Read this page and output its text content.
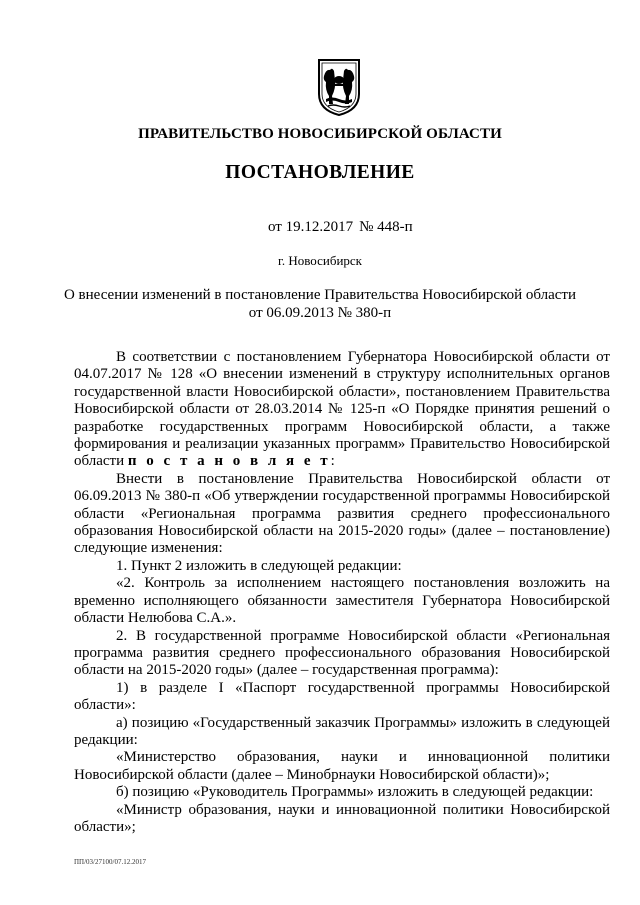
ПРАВИТЕЛЬСТВО НОВОСИБИРСКОЙ ОБЛАСТИ
ПОСТАНОВЛЕНИЕ
от 19.12.2017 № 448-п
г. Новосибирск
О внесении изменений в постановление Правительства Новосибирской области
от 06.09.2013 № 380-п

В соответствии с постановлением Губернатора Новосибирской области от 04.07.2017 № 128 «О внесении изменений в структуру исполнительных органов государственной власти Новосибирской области», постановлением Правительства Новосибирской области от 28.03.2014 № 125-п «О Порядке принятия решений о разработке государственных программ Новосибирской области, а также формирования и реализации указанных программ» Правительство Новосибирской области п о с т а н о в л я е т:

Внести в постановление Правительства Новосибирской области от 06.09.2013 № 380-п «Об утверждении государственной программы Новосибирской области «Региональная программа развития среднего профессионального образования Новосибирской области на 2015-2020 годы» (далее – постановление) следующие изменения:

1. Пункт 2 изложить в следующей редакции:

«2. Контроль за исполнением настоящего постановления возложить на временно исполняющего обязанности заместителя Губернатора Новосибирской области Нелюбова С.А.».

2. В государственной программе Новосибирской области «Региональная программа развития среднего профессионального образования Новосибирской области на 2015-2020 годы» (далее – государственная программа):

1) в разделе I «Паспорт государственной программы Новосибирской области»:

а) позицию «Государственный заказчик Программы» изложить в следующей редакции:

«Министерство образования, науки и инновационной политики Новосибирской области (далее – Минобрнауки Новосибирской области)»;

б) позицию «Руководитель Программы» изложить в следующей редакции:

«Министр образования, науки и инновационной политики Новосибирской области»;

ПП/03/27100/07.12.2017
